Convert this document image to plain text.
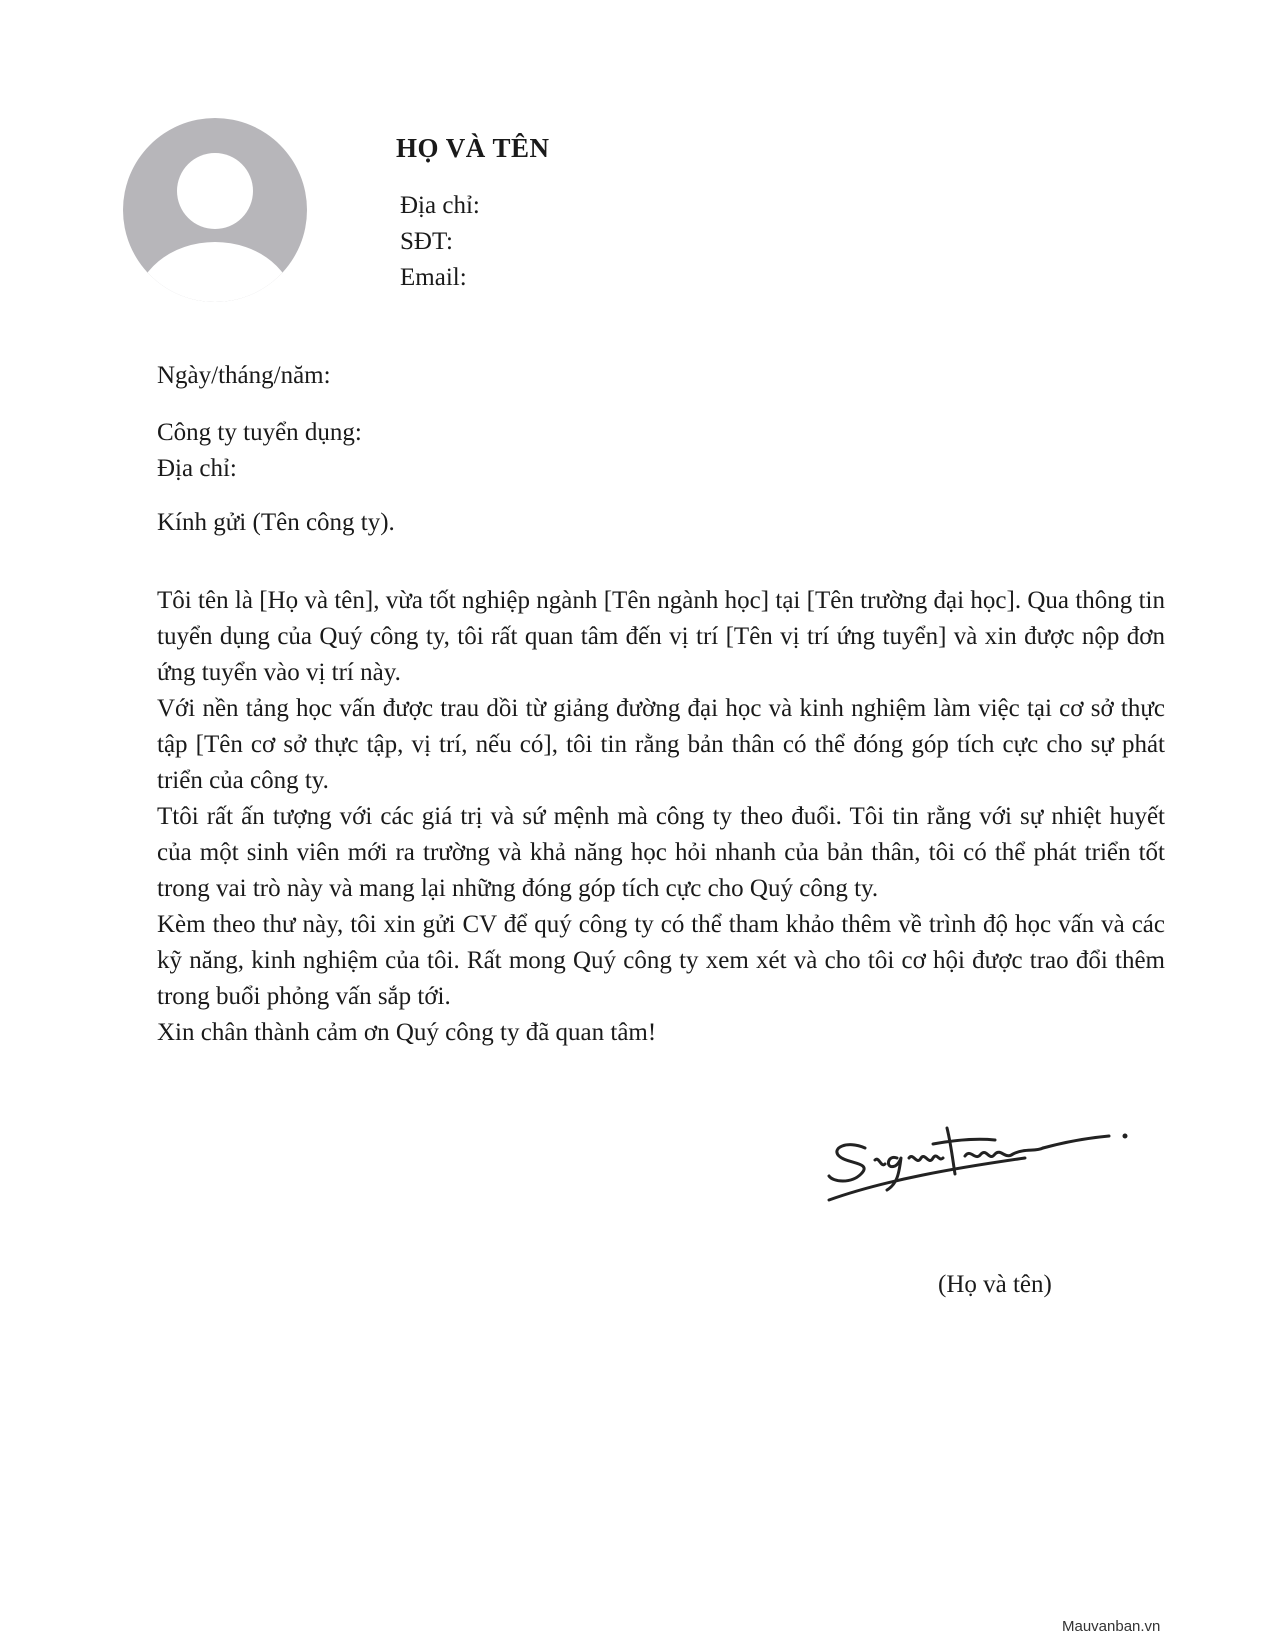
HỌ VÀ TÊN
Địa chỉ:
SĐT:
Email:
Ngày/tháng/năm:
Công ty tuyển dụng:
Địa chỉ:
Kính gửi (Tên công ty).

Tôi tên là [Họ và tên], vừa tốt nghiệp ngành [Tên ngành học] tại [Tên trường đại học]. Qua thông tin tuyển dụng của Quý công ty, tôi rất quan tâm đến vị trí [Tên vị trí ứng tuyển] và xin được nộp đơn ứng tuyển vào vị trí này.

Với nền tảng học vấn được trau dồi từ giảng đường đại học và kinh nghiệm làm việc tại cơ sở thực tập [Tên cơ sở thực tập, vị trí, nếu có], tôi tin rằng bản thân có thể đóng góp tích cực cho sự phát triển của công ty.

Ttôi rất ấn tượng với các giá trị và sứ mệnh mà công ty theo đuổi. Tôi tin rằng với sự nhiệt huyết của một sinh viên mới ra trường và khả năng học hỏi nhanh của bản thân, tôi có thể phát triển tốt trong vai trò này và mang lại những đóng góp tích cực cho Quý công ty.

Kèm theo thư này, tôi xin gửi CV để quý công ty có thể tham khảo thêm về trình độ học vấn và các kỹ năng, kinh nghiệm của tôi. Rất mong Quý công ty xem xét và cho tôi cơ hội được trao đổi thêm trong buổi phỏng vấn sắp tới.

Xin chân thành cảm ơn Quý công ty đã quan tâm!

(Họ và tên)
Mauvanban.vn
